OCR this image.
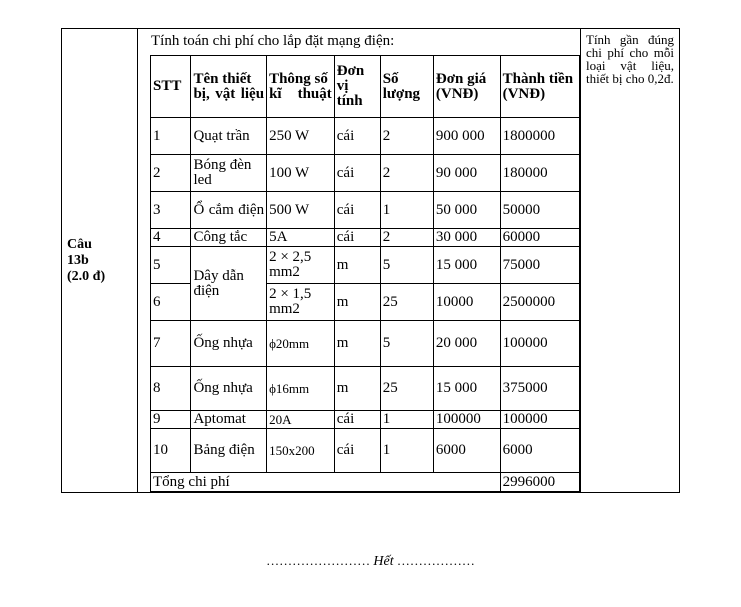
Câu
13b
(2.0 đ)

Tính toán chi phí cho lắp đặt mạng điện:
STT	Tên thiết bị, vật liệu	Thông số kĩ thuật	Đơn vị tính	Số lượng	Đơn giá (VNĐ)	Thành tiền (VNĐ)
1	Quạt trần	250 W	cái	2	900 000	1800000
2	Bóng đèn led	100 W	cái	2	90 000	180000
3	Ổ cắm điện	500 W	cái	1	50 000	50000
4	Công tắc	5A	cái	2	30 000	60000
5	Dây dẫn điện	2 × 2,5 mm2	m	5	15 000	75000
6	2 × 1,5 mm2	m	25	10000	2500000
7	Ống nhựa	ϕ20mm	m	5	20 000	100000
8	Ống nhựa	ϕ16mm	m	25	15 000	375000
9	Aptomat	20A	cái	1	100000	100000
10	Bảng điện	150x200	cái	1	6000	6000
Tổng chi phí	2996000
	Tính gần đúng chi phí cho mỗi loại vật liệu, thiết bị cho 0,2đ.
…………………… Hết ………………
